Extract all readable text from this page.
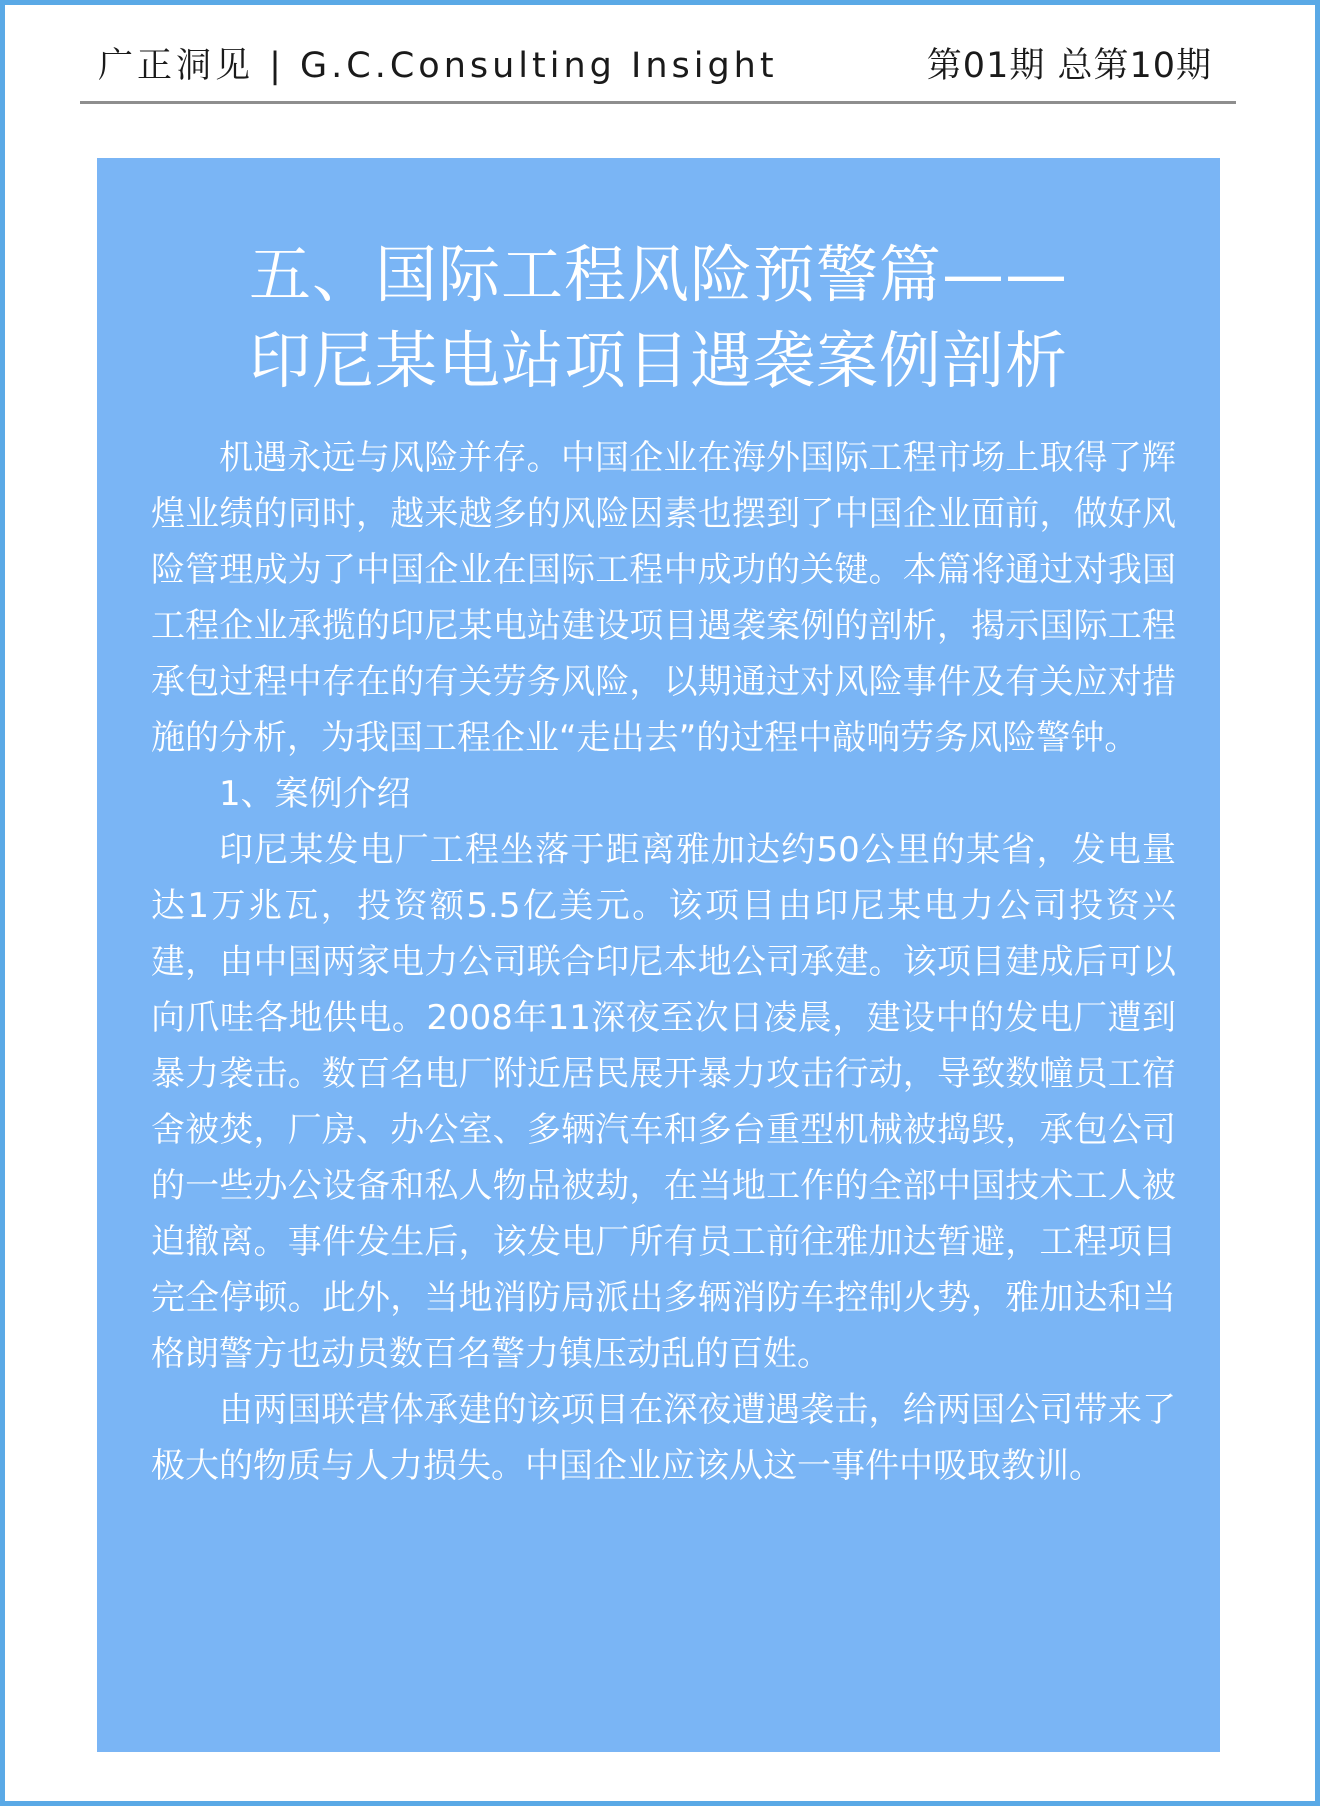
广正洞见 | G.C.Consulting Insight	第01期 总第10期
五、国际工程风险预警篇——
印尼某电站项目遇袭案例剖析

机遇永远与风险并存。中国企业在海外国际工程市场上取得了辉煌业绩的同时，越来越多的风险因素也摆到了中国企业面前，做好风险管理成为了中国企业在国际工程中成功的关键。本篇将通过对我国工程企业承揽的印尼某电站建设项目遇袭案例的剖析，揭示国际工程承包过程中存在的有关劳务风险，以期通过对风险事件及有关应对措施的分析，为我国工程企业“走出去”的过程中敲响劳务风险警钟。

1、案例介绍

印尼某发电厂工程坐落于距离雅加达约50公里的某省，发电量达1万兆瓦，投资额5.5亿美元。该项目由印尼某电力公司投资兴建，由中国两家电力公司联合印尼本地公司承建。该项目建成后可以向爪哇各地供电。2008年11深夜至次日凌晨，建设中的发电厂遭到暴力袭击。数百名电厂附近居民展开暴力攻击行动，导致数幢员工宿舍被焚，厂房、办公室、多辆汽车和多台重型机械被捣毁，承包公司的一些办公设备和私人物品被劫，在当地工作的全部中国技术工人被迫撤离。事件发生后，该发电厂所有员工前往雅加达暂避，工程项目完全停顿。此外，当地消防局派出多辆消防车控制火势，雅加达和当格朗警方也动员数百名警力镇压动乱的百姓。

由两国联营体承建的该项目在深夜遭遇袭击，给两国公司带来了极大的物质与人力损失。中国企业应该从这一事件中吸取教训。
